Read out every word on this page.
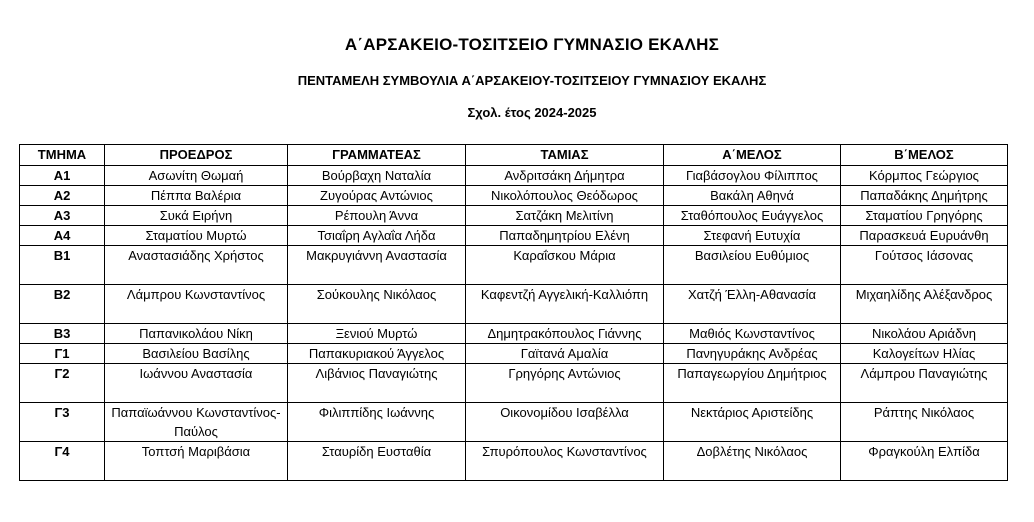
Α΄ΑΡΣΑΚΕΙΟ-ΤΟΣΙΤΣΕΙΟ ΓΥΜΝΑΣΙΟ ΕΚΑΛΗΣ
ΠΕΝΤΑΜΕΛΗ ΣΥΜΒΟΥΛΙΑ Α΄ΑΡΣΑΚΕΙΟΥ-ΤΟΣΙΤΣΕΙΟΥ ΓΥΜΝΑΣΙΟΥ ΕΚΑΛΗΣ
Σχολ. έτος 2024-2025
ΤΜΗΜΑ	ΠΡΟΕΔΡΟΣ	ΓΡΑΜΜΑΤΕΑΣ	ΤΑΜΙΑΣ	Α΄ΜΕΛΟΣ	Β΄ΜΕΛΟΣ
Α1	Ασωνίτη Θωμαή	Βούρβαχη Ναταλία	Ανδριτσάκη Δήμητρα	Γιαβάσογλου Φίλιππος	Κόρμπος Γεώργιος
Α2	Πέππα Βαλέρια	Ζυγούρας Αντώνιος	Νικολόπουλος Θεόδωρος	Βακάλη Αθηνά	Παπαδάκης Δημήτρης
Α3	Συκά Ειρήνη	Ρέπουλη Άννα	Σατζάκη Μελιτίνη	Σταθόπουλος Ευάγγελος	Σταματίου Γρηγόρης
Α4	Σταματίου Μυρτώ	Τσιαΐρη Αγλαΐα Λήδα	Παπαδημητρίου Ελένη	Στεφανή Ευτυχία	Παρασκευά Ευρυάνθη
Β1	Αναστασιάδης Χρήστος	Μακρυγιάννη Αναστασία	Καραΐσκου Μάρια	Βασιλείου Ευθύμιος	Γούτσος Ιάσονας
Β2	Λάμπρου Κωνσταντίνος	Σούκουλης Νικόλαος	Καφεντζή Αγγελική-Καλλιόπη	Χατζή Έλλη-Αθανασία	Μιχαηλίδης Αλέξανδρος
Β3	Παπανικολάου Νίκη	Ξενιού Μυρτώ	Δημητρακόπουλος Γιάννης	Μαθιός Κωνσταντίνος	Νικολάου Αριάδνη
Γ1	Βασιλείου Βασίλης	Παπακυριακού Άγγελος	Γαϊτανά Αμαλία	Πανηγυράκης Ανδρέας	Καλογείτων Ηλίας
Γ2	Ιωάννου Αναστασία	Λιβάνιος Παναγιώτης	Γρηγόρης Αντώνιος	Παπαγεωργίου Δημήτριος	Λάμπρου Παναγιώτης
Γ3	Παπαϊωάννου Κωνσταντίνος-Παύλος	Φιλιππίδης Ιωάννης	Οικονομίδου Ισαβέλλα	Νεκτάριος Αριστείδης	Ράπτης Νικόλαος
Γ4	Τοπτσή Μαριβάσια	Σταυρίδη Ευσταθία	Σπυρόπουλος Κωνσταντίνος	Δοβλέτης Νικόλαος	Φραγκούλη Ελπίδα
